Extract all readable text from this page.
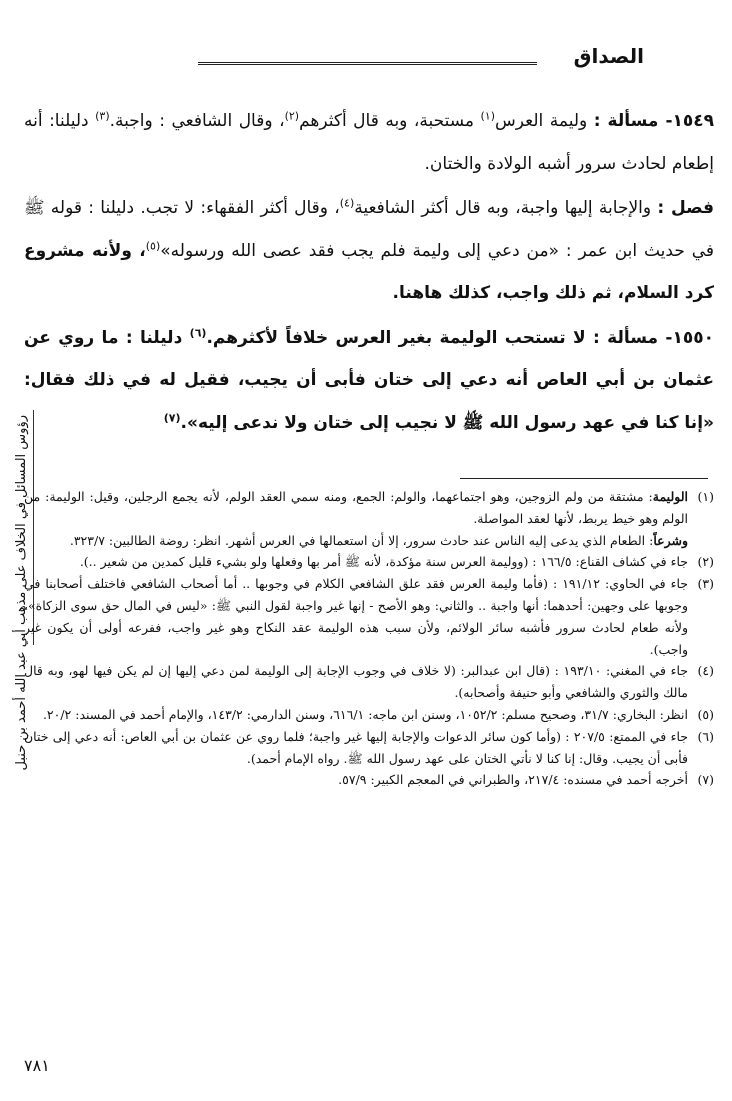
الصداق
رؤوس المسائل في الخلاف على مذهب أبي عبد الله أحمد بن حنبل

١٥٤٩- مسألة : وليمة العرس$^{(١)}$ مستحبة، وبه قال أكثرهم$^{(٢)}$، وقال الشافعي : واجبة.$^{(٣)}$ دليلنا: أنه إطعام لحادث سرور أشبه الولادة والختان.

فصل : والإجابة إليها واجبة، وبه قال أكثر الشافعية$^{(٤)}$، وقال أكثر الفقهاء: لا تجب. دليلنا : قوله ﷺ في حديث ابن عمر : «من دعي إلى وليمة فلم يجب فقد عصى الله ورسوله»$^{(٥)}$، ولأنه مشروع كرد السلام، ثم ذلك واجب، كذلك هاهنا.

١٥٥٠- مسألة : لا تستحب الوليمة بغير العرس خلافاً لأكثرهم.$^{(٦)}$ دليلنا : ما روي عن عثمان بن أبي العاص أنه دعي إلى ختان فأبى أن يجيب، فقيل له في ذلك فقال: «إنا كنا في عهد رسول الله ﷺ لا نجيب إلى ختان ولا ندعى إليه».$^{(٧)}$

(١)
الوليمة: مشتقة من ولم الزوجين، وهو اجتماعهما، والولم: الجمع، ومنه سمي العقد الولم، لأنه يجمع الرجلين، وقيل: الوليمة: من الولم وهو خيط يربط، لأنها لعقد المواصلة.

وشرعاً: الطعام الذي يدعى إليه الناس عند حادث سرور، إلا أن استعمالها في العرس أشهر. انظر: روضة الطالبين: ٣٢٣/٧.

(٢)
جاء في كشاف القناع: ١٦٦/٥ : (ووليمة العرس سنة مؤكدة، لأنه ﷺ أمر بها وفعلها ولو بشيء قليل كمدين من شعير ..).

(٣)
جاء في الحاوي: ١٩١/١٢ : (فأما وليمة العرس فقد علق الشافعي الكلام في وجوبها .. أما أصحاب الشافعي فاختلف أصحابنا في وجوبها على وجهين: أحدهما: أنها واجبة .. والثاني: وهو الأصح - إنها غير واجبة لقول النبي ﷺ: «ليس في المال حق سوى الزكاة»، ولأنه طعام لحادث سرور فأشبه سائر الولائم، ولأن سبب هذه الوليمة عقد النكاح وهو غير واجب، ففرعه أولى أن يكون غير واجب).

(٤)
جاء في المغني: ١٩٣/١٠ : (قال ابن عبدالبر: (لا خلاف في وجوب الإجابة إلى الوليمة لمن دعي إليها إن لم يكن فيها لهو، وبه قال مالك والثوري والشافعي وأبو حنيفة وأصحابه).

(٥)
انظر: البخاري: ٣١/٧، وصحيح مسلم: ١٠٥٢/٢، وسنن ابن ماجه: ٦١٦/١، وسنن الدارمي: ١٤٣/٢، والإمام أحمد في المسند: ٢٠/٢.

(٦)
جاء في الممتع: ٢٠٧/٥ : (وأما كون سائر الدعوات والإجابة إليها غير واجبة؛ فلما روي عن عثمان بن أبي العاص: أنه دعي إلى ختان فأبى أن يجيب. وقال: إنا كنا لا نأتي الختان على عهد رسول الله ﷺ. رواه الإمام أحمد).

(٧)
أخرجه أحمد في مسنده: ٢١٧/٤، والطبراني في المعجم الكبير: ٥٧/٩.

٧٨١
